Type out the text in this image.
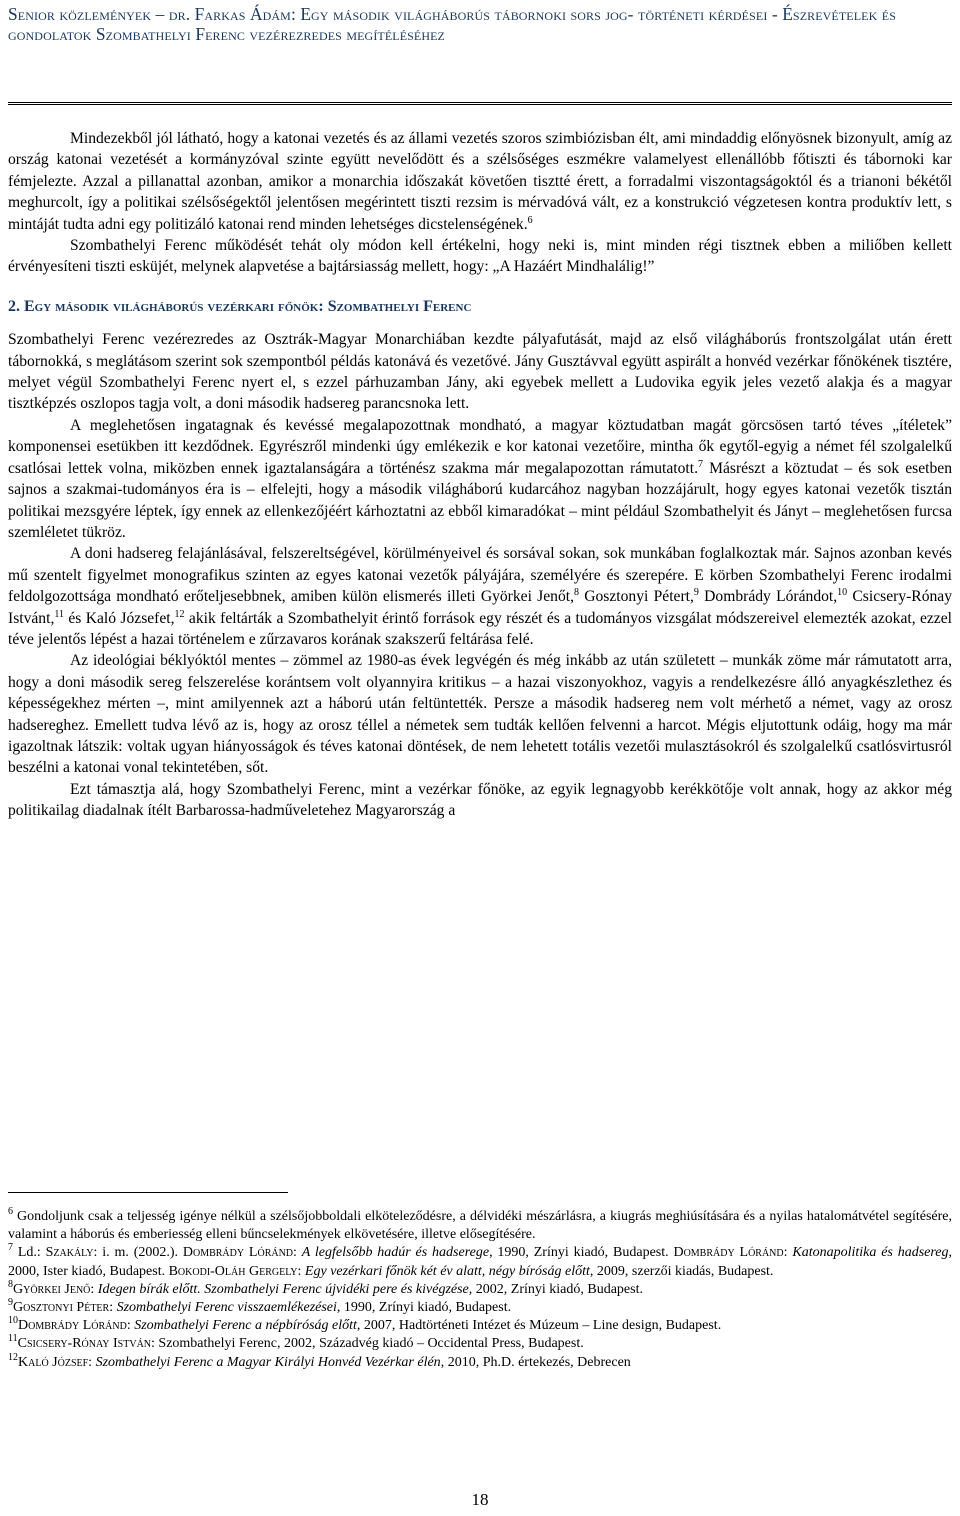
Senior közlemények – dr. Farkas Ádám: Egy második világháborús tábornoki sors jog- történeti kérdései - Észrevételek és gondolatok Szombathelyi Ferenc vezérezredes megítéléséhez

Mindezekből jól látható, hogy a katonai vezetés és az állami vezetés szoros szimbiózisban élt, ami mindaddig előnyösnek bizonyult, amíg az ország katonai vezetését a kormányzóval szinte együtt nevelődött és a szélsőséges eszmékre valamelyest ellenállóbb főtiszti és tábornoki kar fémjelezte. Azzal a pillanattal azonban, amikor a monarchia időszakát követően tisztté érett, a forradalmi viszontagságoktól és a trianoni békétől meghurcolt, így a politikai szélsőségektől jelentősen megérintett tiszti rezsim is mérvadóvá vált, ez a konstrukció végzetesen kontra produktív lett, s mintáját tudta adni egy politizáló katonai rend minden lehetséges dicstelenségének.$^6$

Szombathelyi Ferenc működését tehát oly módon kell értékelni, hogy neki is, mint minden régi tisztnek ebben a miliőben kellett érvényesíteni tiszti esküjét, melynek alapvetése a bajtársiasság mellett, hogy: „A Hazáért Mindhalálig!”

2. Egy második világháborús vezérkari főnök: Szombathelyi Ferenc

Szombathelyi Ferenc vezérezredes az Osztrák-Magyar Monarchiában kezdte pályafutását, majd az első világháborús frontszolgálat után érett tábornokká, s meglátásom szerint sok szempontból példás katonává és vezetővé. Jány Gusztávval együtt aspirált a honvéd vezérkar főnökének tisztére, melyet végül Szombathelyi Ferenc nyert el, s ezzel párhuzamban Jány, aki egyebek mellett a Ludovika egyik jeles vezető alakja és a magyar tisztképzés oszlopos tagja volt, a doni második hadsereg parancsnoka lett.

A meglehetősen ingatagnak és kevéssé megalapozottnak mondható, a magyar köztudatban magát görcsösen tartó téves „ítéletek” komponensei esetükben itt kezdődnek. Egyrészről mindenki úgy emlékezik e kor katonai vezetőire, mintha ők egytől-egyig a német fél szolgalelkű csatlósai lettek volna, miközben ennek igaztalanságára a történész szakma már megalapozottan rámutatott.$^7$ Másrészt a köztudat – és sok esetben sajnos a szakmai-tudományos éra is – elfelejti, hogy a második világháború kudarcához nagyban hozzájárult, hogy egyes katonai vezetők tisztán politikai mezsgyére léptek, így ennek az ellenkezőjéért kárhoztatni az ebből kimaradókat – mint például Szombathelyit és Jányt – meglehetősen furcsa szemléletet tükröz.

A doni hadsereg felajánlásával, felszereltségével, körülményeivel és sorsával sokan, sok munkában foglalkoztak már. Sajnos azonban kevés mű szentelt figyelmet monografikus szinten az egyes katonai vezetők pályájára, személyére és szerepére. E körben Szombathelyi Ferenc irodalmi feldolgozottsága mondható erőteljesebbnek, amiben külön elismerés illeti Györkei Jenőt,$^8$ Gosztonyi Pétert,$^9$ Dombrády Lórándot,$^{10}$ Csicsery-Rónay Istvánt,$^{11}$ és Kaló Józsefet,$^{12}$ akik feltárták a Szombathelyit érintő források egy részét és a tudományos vizsgálat módszereivel elemezték azokat, ezzel téve jelentős lépést a hazai történelem e zűrzavaros korának szakszerű feltárása felé.

Az ideológiai béklyóktól mentes – zömmel az 1980-as évek legvégén és még inkább az után született – munkák zöme már rámutatott arra, hogy a doni második sereg felszerelése korántsem volt olyannyira kritikus – a hazai viszonyokhoz, vagyis a rendelkezésre álló anyagkészlethez és képességekhez mérten –, mint amilyennek azt a háború után feltüntették. Persze a második hadsereg nem volt mérhető a német, vagy az orosz hadsereghez. Emellett tudva lévő az is, hogy az orosz téllel a németek sem tudták kellően felvenni a harcot. Mégis eljutottunk odáig, hogy ma már igazoltnak látszik: voltak ugyan hiányosságok és téves katonai döntések, de nem lehetett totális vezetői mulasztásokról és szolgalelkű csatlósvirtusról beszélni a katonai vonal tekintetében, sőt.

Ezt támasztja alá, hogy Szombathelyi Ferenc, mint a vezérkar főnöke, az egyik legnagyobb kerékkötője volt annak, hogy az akkor még politikailag diadalnak ítélt Barbarossa-hadműveletehez Magyarország a

$^6$ Gondoljunk csak a teljesség igénye nélkül a szélsőjobboldali elköteleződésre, a délvidéki mészárlásra, a kiugrás meghiúsítására és a nyilas hatalomátvétel segítésére, valamint a háborús és emberiesség elleni bűncselekmények elkövetésére, illetve elősegítésére.

$^7$ Ld.: Szakály: i. m. (2002.). Dombrády Lóránd: A legfelsőbb hadúr és hadserege, 1990, Zrínyi kiadó, Budapest. Dombrády Lóránd: Katonapolitika és hadsereg, 2000, Ister kiadó, Budapest. Bokodi-Oláh Gergely: Egy vezérkari főnök két év alatt, négy bíróság előtt, 2009, szerzői kiadás, Budapest.

$^8$Györkei Jenő: Idegen bírák előtt. Szombathelyi Ferenc újvidéki pere és kivégzése, 2002, Zrínyi kiadó, Budapest.

$^9$Gosztonyi Péter: Szombathelyi Ferenc visszaemlékezései, 1990, Zrínyi kiadó, Budapest.

$^{10}$Dombrády Lóránd: Szombathelyi Ferenc a népbíróság előtt, 2007, Hadtörténeti Intézet és Múzeum – Line design, Budapest.

$^{11}$Csicsery-Rónay István: Szombathelyi Ferenc, 2002, Századvég kiadó – Occidental Press, Budapest.

$^{12}$Kaló József: Szombathelyi Ferenc a Magyar Királyi Honvéd Vezérkar élén, 2010, Ph.D. értekezés, Debrecen

18
